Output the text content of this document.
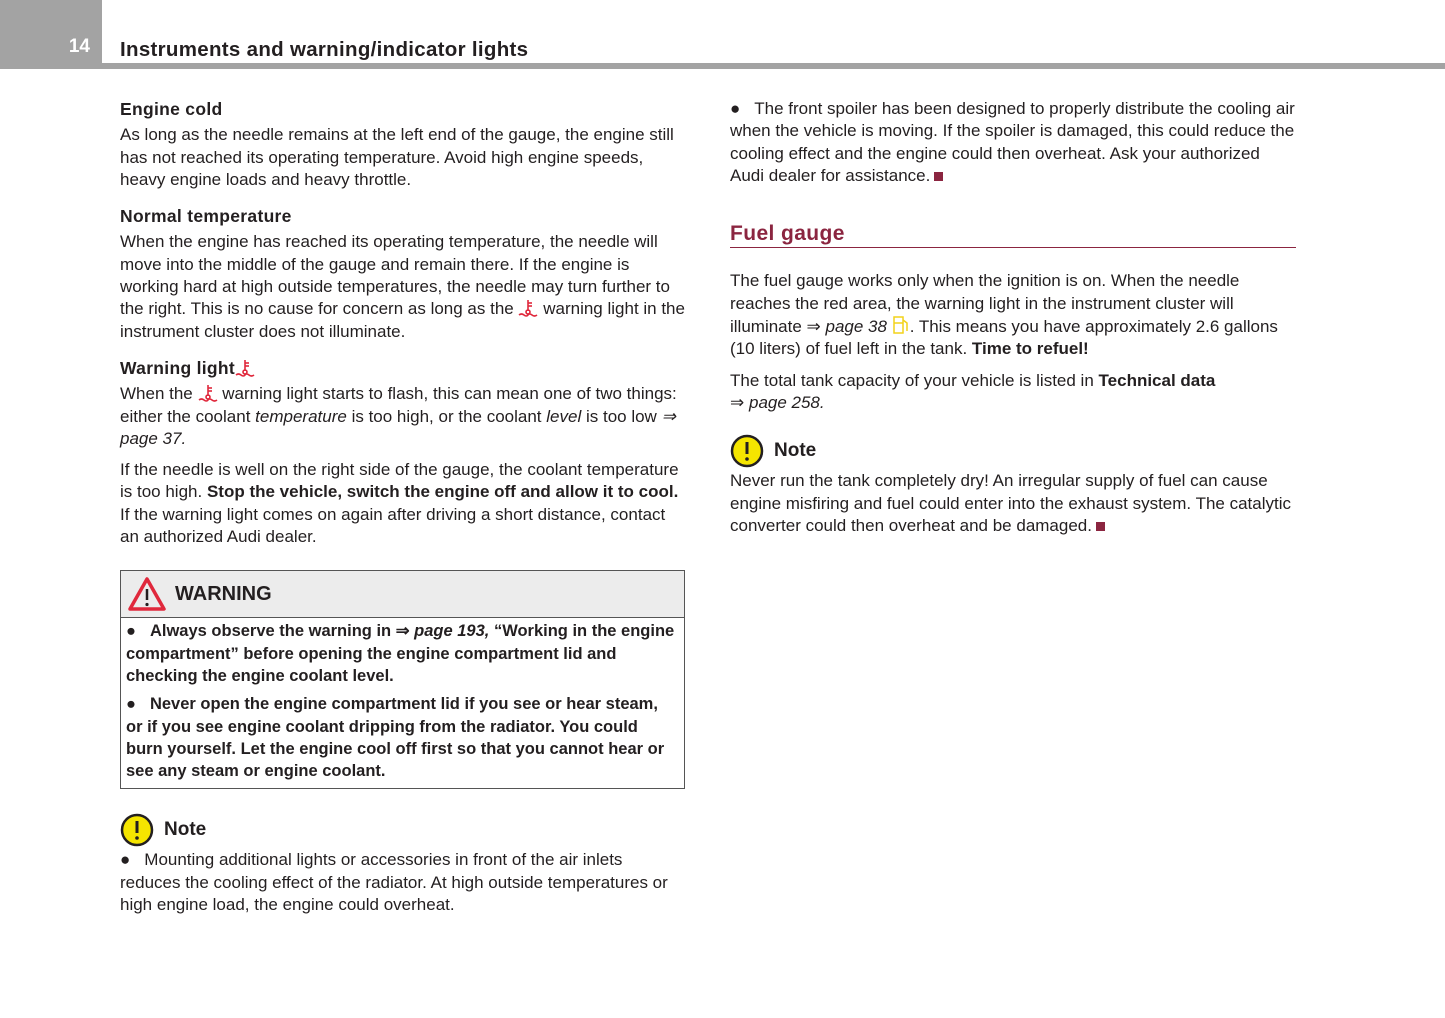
14 Instruments and warning/indicator lights
Engine cold

As long as the needle remains at the left end of the gauge, the engine still has not reached its operating temperature. Avoid high engine speeds, heavy engine loads and heavy throttle.

Normal temperature

When the engine has reached its operating temperature, the needle will move into the middle of the gauge and remain there. If the engine is working hard at high outside temperatures, the needle may turn further to the right. This is no cause for concern as long as the warning light in the instrument cluster does not illuminate.

Warning light

When the warning light starts to flash, this can mean one of two things: either the coolant temperature is too high, or the coolant level is too low ⇒ page 37.

If the needle is well on the right side of the gauge, the coolant temperature is too high. Stop the vehicle, switch the engine off and allow it to cool. If the warning light comes on again after driving a short distance, contact an authorized Audi dealer.

WARNING

● Always observe the warning in ⇒ page 193, “Working in the engine compartment” before opening the engine compartment lid and checking the engine coolant level.

● Never open the engine compartment lid if you see or hear steam, or if you see engine coolant dripping from the radiator. You could burn yourself. Let the engine cool off first so that you cannot hear or see any steam or engine coolant.

Note

● Mounting additional lights or accessories in front of the air inlets reduces the cooling effect of the radiator. At high outside temperatures or high engine load, the engine could overheat.

● The front spoiler has been designed to properly distribute the cooling air when the vehicle is moving. If the spoiler is damaged, this could reduce the cooling effect and the engine could then overheat. Ask your authorized Audi dealer for assistance.

Fuel gauge

The fuel gauge works only when the ignition is on. When the needle reaches the red area, the warning light in the instrument cluster will illuminate ⇒ page 38 . This means you have approximately 2.6 gallons (10 liters) of fuel left in the tank. Time to refuel!

The total tank capacity of your vehicle is listed in Technical data
⇒ page 258.

Note

Never run the tank completely dry! An irregular supply of fuel can cause engine misfiring and fuel could enter into the exhaust system. The catalytic converter could then overheat and be damaged.
